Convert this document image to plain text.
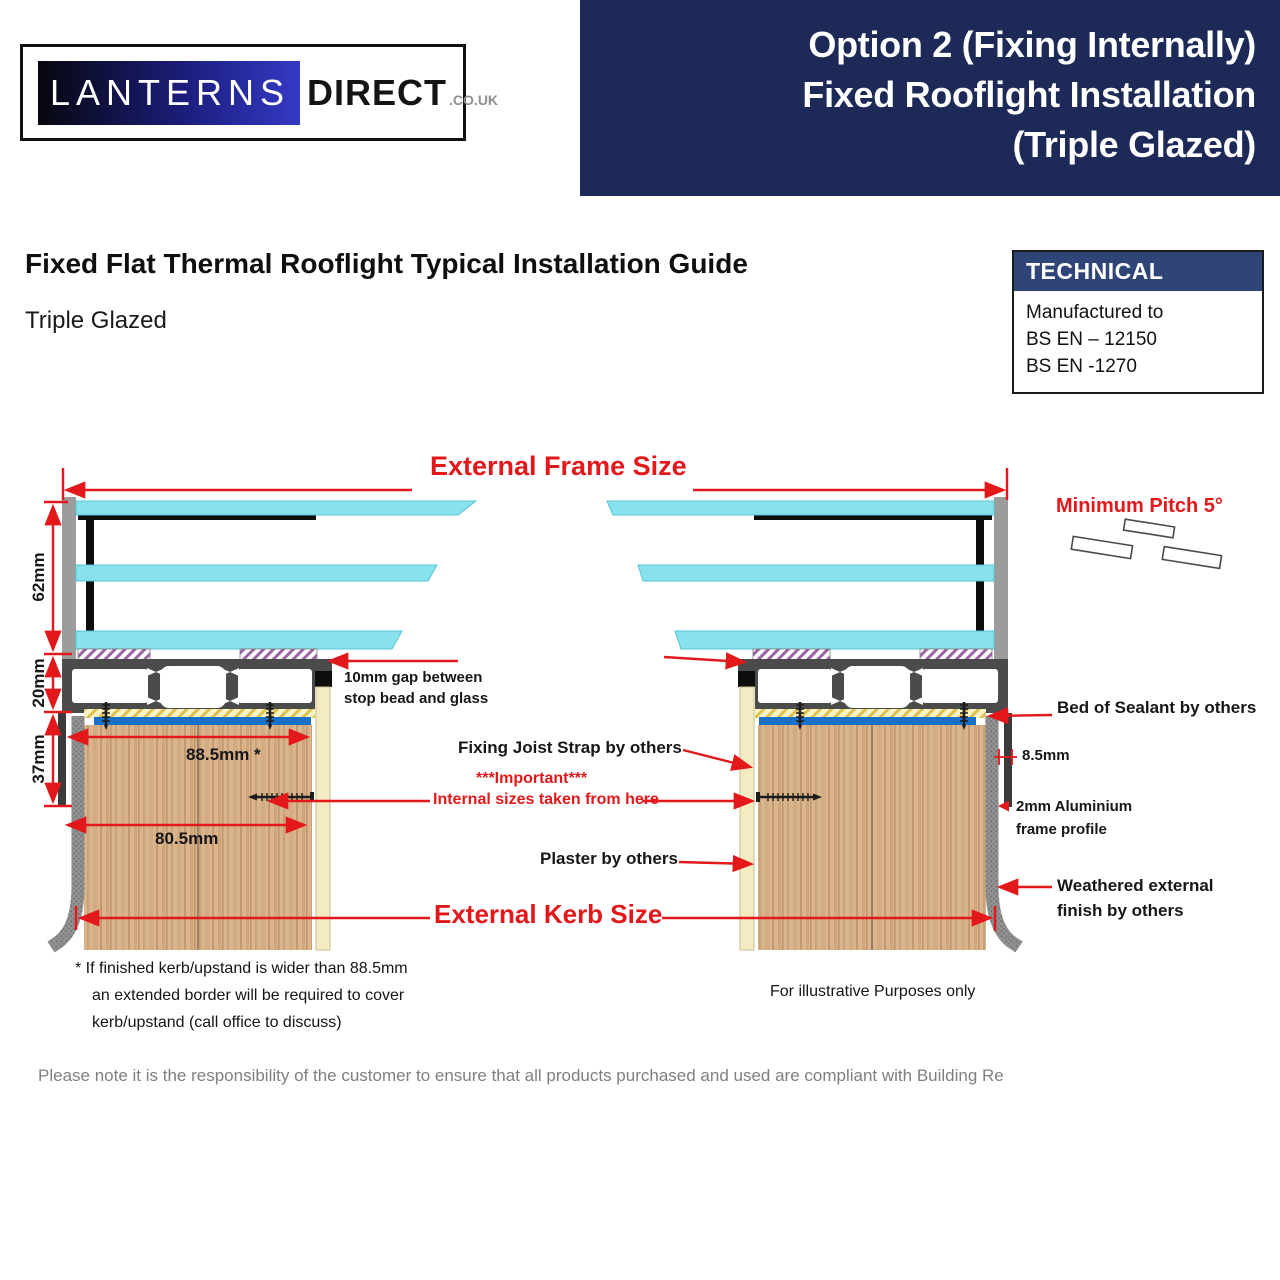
LANTERNS DIRECT .CO.UK
Option 2 (Fixing Internally)
Fixed Rooflight Installation
(Triple Glazed)
Fixed Flat Thermal Rooflight Typical Installation Guide
Triple Glazed
TECHNICAL
Manufactured to
BS EN – 12150
BS EN -1270
External Frame Size
Minimum Pitch 5°
62mm
20mm
37mm
10mm gap between
stop bead and glass
Fixing Joist Strap by others
***Important***
Internal sizes taken from here
Plaster by others
External Kerb Size
88.5mm *
80.5mm
Bed of Sealant by others
8.5mm
2mm Aluminium
frame profile
Weathered external
finish by others
* If finished kerb/upstand is wider than 88.5mm
an extended border will be required to cover
kerb/upstand (call office to discuss)
For illustrative Purposes only
Please note it is the responsibility of the customer to ensure that all products purchased and used are compliant with Building Re
